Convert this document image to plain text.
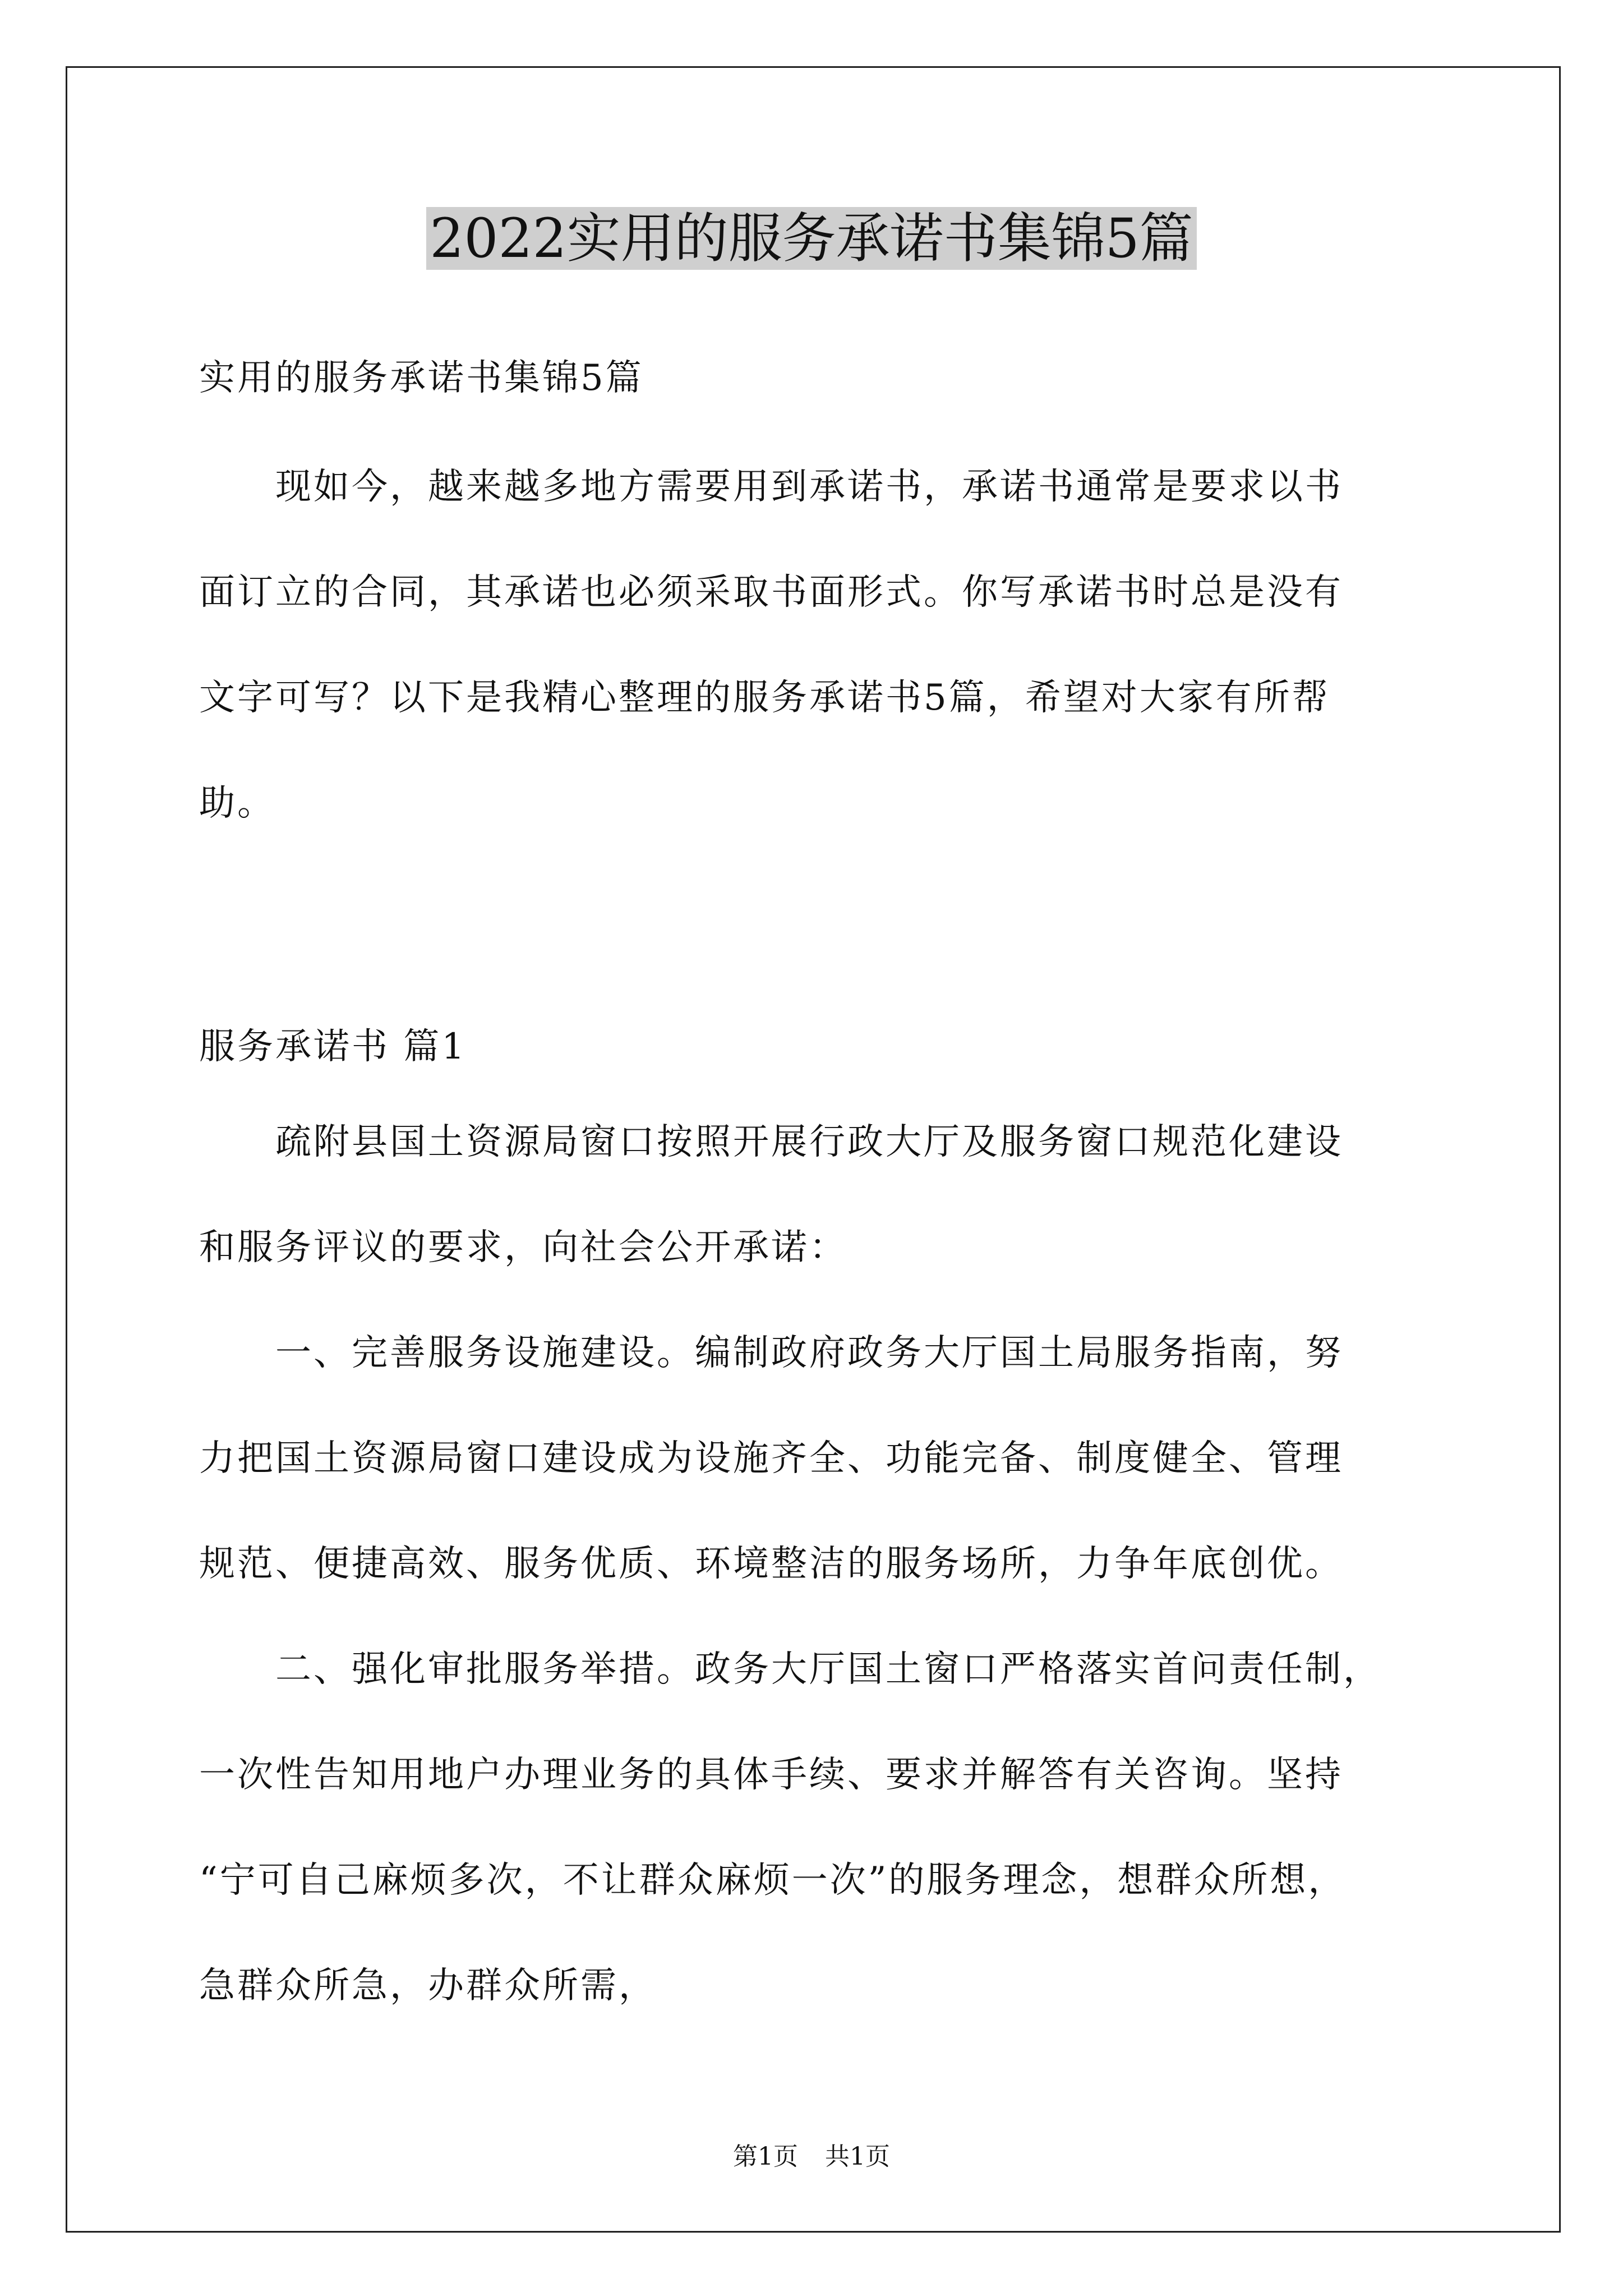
2022实用的服务承诺书集锦5篇

实用的服务承诺书集锦5篇

　　现如今，越来越多地方需要用到承诺书，承诺书通常是要求以书

面订立的合同，其承诺也必须采取书面形式。你写承诺书时总是没有

文字可写？以下是我精心整理的服务承诺书5篇，希望对大家有所帮

助。

服务承诺书 篇1

　　疏附县国土资源局窗口按照开展行政大厅及服务窗口规范化建设

和服务评议的要求，向社会公开承诺：

　　一、完善服务设施建设。编制政府政务大厅国土局服务指南，努

力把国土资源局窗口建设成为设施齐全、功能完备、制度健全、管理

规范、便捷高效、服务优质、环境整洁的服务场所，力争年底创优。

　　二、强化审批服务举措。政务大厅国土窗口严格落实首问责任制，

一次性告知用地户办理业务的具体手续、要求并解答有关咨询。坚持

“宁可自己麻烦多次，不让群众麻烦一次”的服务理念，想群众所想，

急群众所急，办群众所需，

第1页 共1页
